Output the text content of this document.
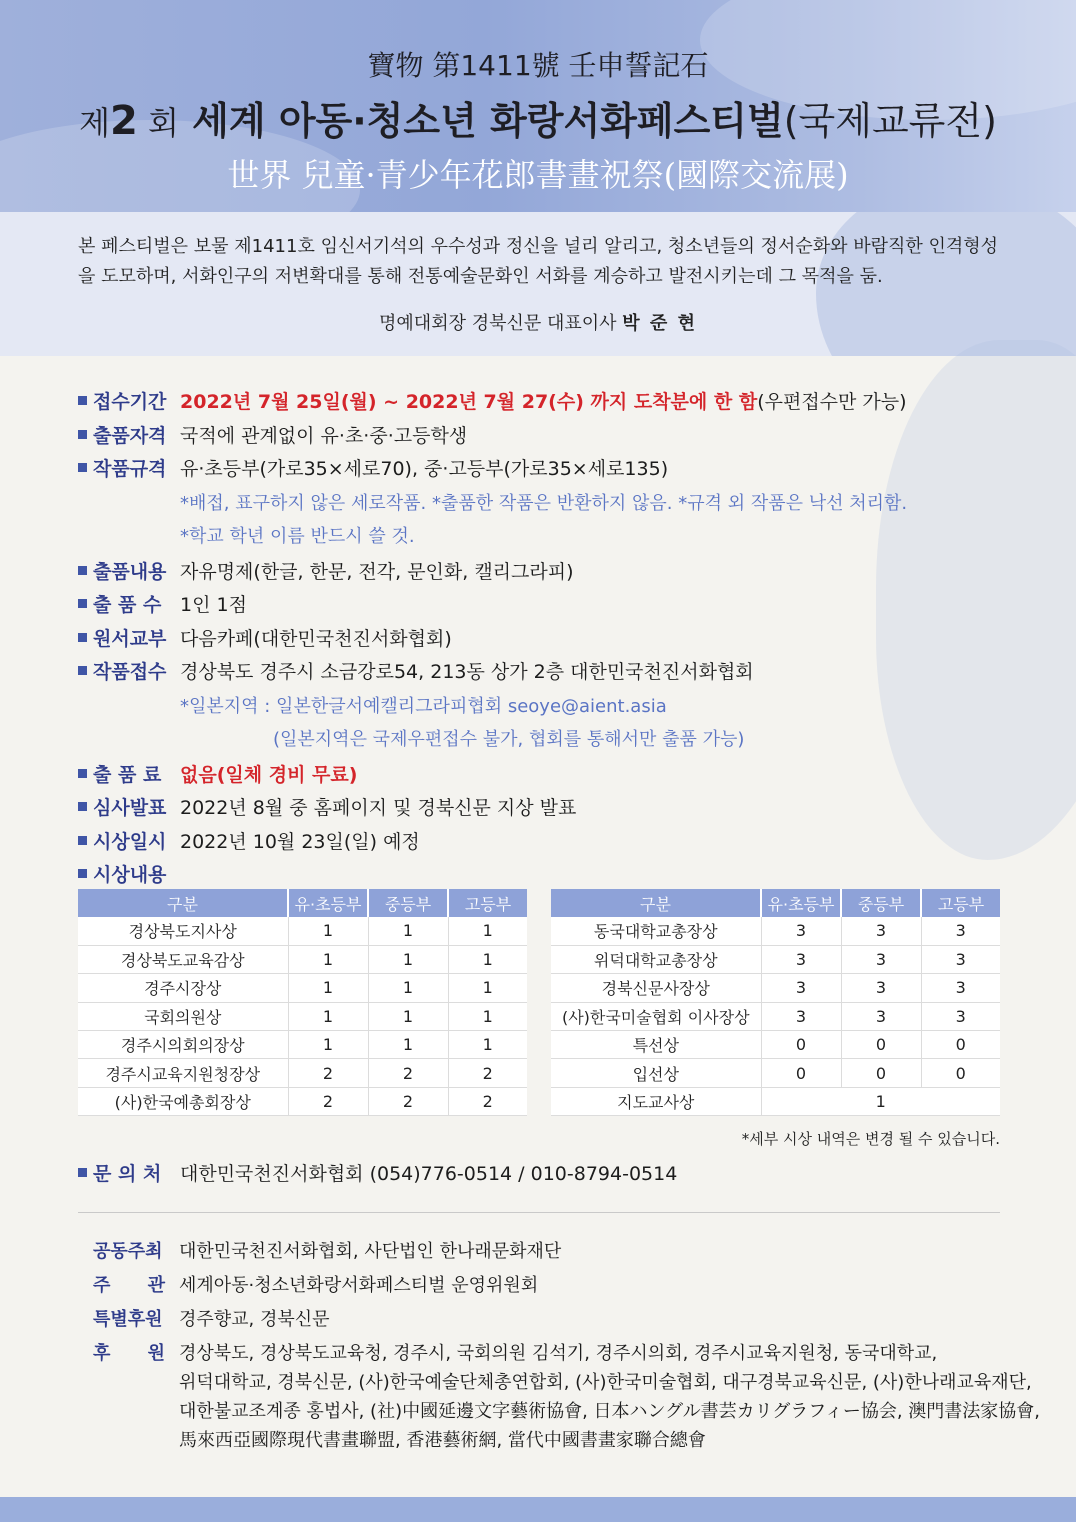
寶物 第1411號 壬申誓記石
제2 회 세계 아동·청소년 화랑서화페스티벌(국제교류전)
世界 兒童·青少年花郎書畫祝祭(國際交流展)
본 페스티벌은 보물 제1411호 임신서기석의 우수성과 정신을 널리 알리고, 청소년들의 정서순화와 바람직한 인격형성을 도모하며, 서화인구의 저변확대를 통해 전통예술문화인 서화를 계승하고 발전시키는데 그 목적을 둠.
명예대회장 경북신문 대표이사 박 준 현
접수기간 2022년 7월 25일(월) ~ 2022년 7월 27(수) 까지 도착분에 한 함(우편접수만 가능)
출품자격 국적에 관계없이 유·초·중·고등학생
작품규격 유·초등부(가로35×세로70), 중·고등부(가로35×세로135)
*배접, 표구하지 않은 세로작품. *출품한 작품은 반환하지 않음. *규격 외 작품은 낙선 처리함.
*학교 학년 이름 반드시 쓸 것.
출품내용 자유명제(한글, 한문, 전각, 문인화, 캘리그라피)
출 품 수 1인 1점
원서교부 다음카페(대한민국천진서화협회)
작품접수 경상북도 경주시 소금강로54, 213동 상가 2층 대한민국천진서화협회
*일본지역 : 일본한글서예캘리그라피협회 seoye@aient.asia
(일본지역은 국제우편접수 불가, 협회를 통해서만 출품 가능)
출 품 료 없음(일체 경비 무료)
심사발표 2022년 8월 중 홈페이지 및 경북신문 지상 발표
시상일시 2022년 10월 23일(일) 예정
시상내용
구분	유·초등부	중등부	고등부
경상북도지사상	1	1	1
경상북도교육감상	1	1	1
경주시장상	1	1	1
국회의원상	1	1	1
경주시의회의장상	1	1	1
경주시교육지원청장상	2	2	2
(사)한국예총회장상	2	2	2
구분	유·초등부	중등부	고등부
동국대학교총장상	3	3	3
위덕대학교총장상	3	3	3
경북신문사장상	3	3	3
(사)한국미술협회 이사장상	3	3	3
특선상	0	0	0
입선상	0	0	0
지도교사상	1		
*세부 시상 내역은 변경 될 수 있습니다.
문 의 처 대한민국천진서화협회 (054)776-0514 / 010-8794-0514
공동주최 대한민국천진서화협회, 사단법인 한나래문화재단
주 관 세계아동·청소년화랑서화페스티벌 운영위원회
특별후원 경주향교, 경북신문
후 원 경상북도, 경상북도교육청, 경주시, 국회의원 김석기, 경주시의회, 경주시교육지원청, 동국대학교,
위덕대학교, 경북신문, (사)한국예술단체총연합회, (사)한국미술협회, 대구경북교육신문, (사)한나래교육재단,
대한불교조계종 홍법사, (社)中國延邊文字藝術協會, 日本ハングル書芸カリグラフィー協会, 澳門書法家協會,
馬來西亞國際現代書畫聯盟, 香港藝術網, 當代中國書畫家聯合總會
